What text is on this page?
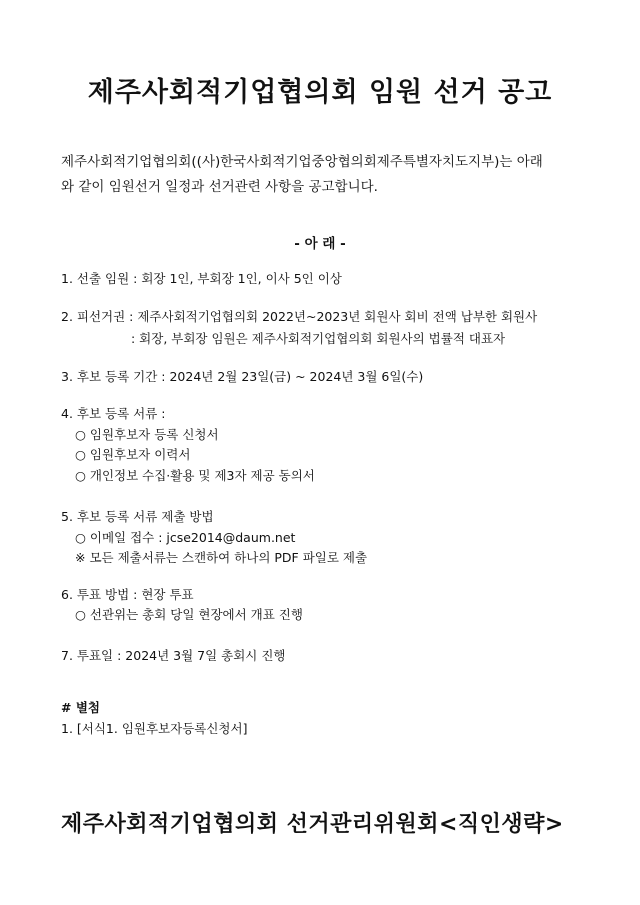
제주사회적기업협의회 임원 선거 공고

제주사회적기업협의회((사)한국사회적기업중앙협의회제주특별자치도지부)는 아래
와 같이 임원선거 일정과 선거관련 사항을 공고합니다.

- 아 래 -
1. 선출 임원 : 회장 1인, 부회장 1인, 이사 5인 이상
2. 피선거권 : 제주사회적기업협의회 2022년~2023년 회원사 회비 전액 납부한 회원사
: 회장, 부회장 임원은 제주사회적기업협의회 회원사의 법률적 대표자
3. 후보 등록 기간 : 2024년 2월 23일(금) ~ 2024년 3월 6일(수)
4. 후보 등록 서류 :
○ 임원후보자 등록 신청서
○ 임원후보자 이력서
○ 개인정보 수집·활용 및 제3자 제공 동의서
5. 후보 등록 서류 제출 방법
○ 이메일 접수 : jcse2014@daum.net
※ 모든 제출서류는 스캔하여 하나의 PDF 파일로 제출
6. 투표 방법 : 현장 투표
○ 선관위는 총회 당일 현장에서 개표 진행
7. 투표일 : 2024년 3월 7일 총회시 진행
# 별첨
1. [서식1. 임원후보자등록신청서]
제주사회적기업협의회 선거관리위원회<직인생략>
